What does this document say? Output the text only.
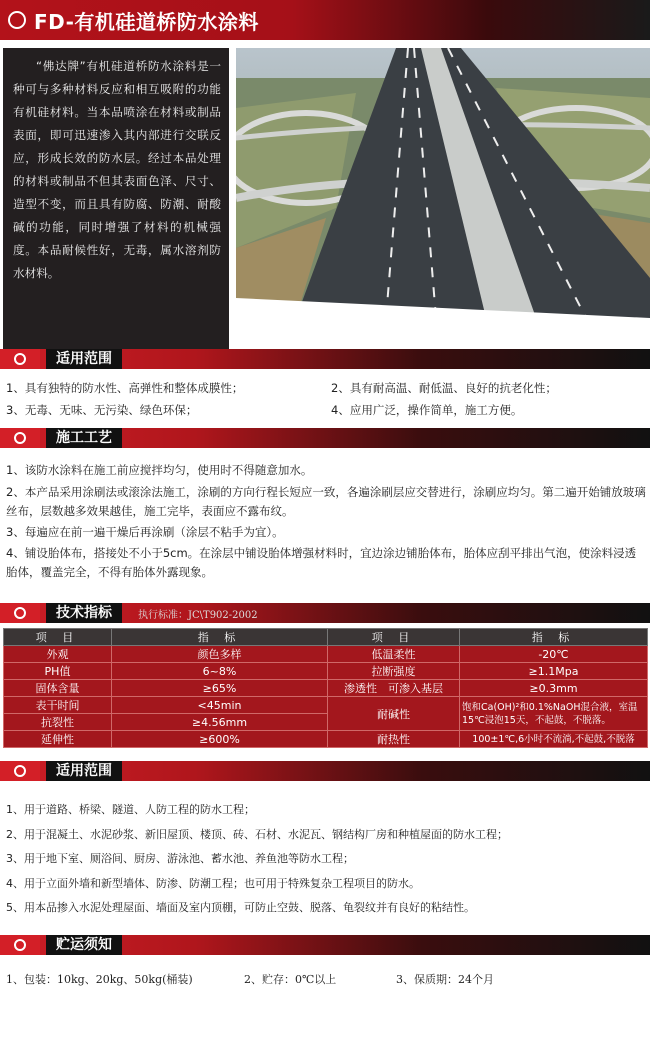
FD-有机硅道桥防水涂料
“佛达牌”有机硅道桥防水涂料是一种可与多种材料反应和相互吸附的功能有机硅材料。当本品喷涂在材料或制品表面，即可迅速渗入其内部进行交联反应，形成长效的防水层。经过本品处理的材料或制品不但其表面色泽、尺寸、造型不变，而且具有防腐、防潮、耐酸碱的功能，同时增强了材料的机械强度。本品耐候性好，无毒，属水溶剂防水材料。
适用范围
1、具有独特的防水性、高弹性和整体成膜性；	2、具有耐高温、耐低温、良好的抗老化性；
3、无毒、无味、无污染、绿色环保；	4、应用广泛，操作简单，施工方便。
施工工艺
1、该防水涂料在施工前应搅拌均匀，使用时不得随意加水。
2、本产品采用涂刷法或滚涂法施工，涂刷的方向行程长短应一致，各遍涂刷层应交替进行，涂刷应均匀。第二遍开始铺放玻璃丝布，层数越多效果越佳，施工完毕，表面应不露布纹。
3、每遍应在前一遍干燥后再涂刷（涂层不粘手为宜）。
4、铺设胎体布，搭接处不小于5cm。在涂层中铺设胎体增强材料时，宜边涂边铺胎体布，胎体应刮平排出气泡，使涂料浸透胎体，覆盖完全，不得有胎体外露现象。
技术指标	执行标准：JC\T902-2002
项 目	指 标	项 目	指 标
外观	颜色多样	低温柔性	-20℃
PH值	6~8%	拉断强度	≥1.1Mpa
固体含量	≥65%	渗透性　可渗入基层	≥0.3mm
表干时间	<45min	耐碱性	饱和Ca(OH)²和0.1%NaOH混合液，室温15℃浸泡15天，不起鼓，不脱落。
抗裂性	≥4.56mm		
延伸性	≥600%	耐热性	100±1℃,6小时不流淌,不起鼓,不脱落
适用范围
1、用于道路、桥梁、隧道、人防工程的防水工程；
2、用于混凝土、水泥砂浆、新旧屋顶、楼顶、砖、石材、水泥瓦、钢结构厂房和种植屋面的防水工程；
3、用于地下室、厕浴间、厨房、游泳池、蓄水池、养鱼池等防水工程；
4、用于立面外墙和新型墙体、防渗、防潮工程；也可用于特殊复杂工程项目的防水。
5、用本品掺入水泥处理屋面、墙面及室内顶棚，可防止空鼓、脱落、龟裂纹并有良好的粘结性。
贮运须知
1、包装：10kg、20kg、50kg(桶装)	2、贮存：0℃以上	3、保质期：24个月
